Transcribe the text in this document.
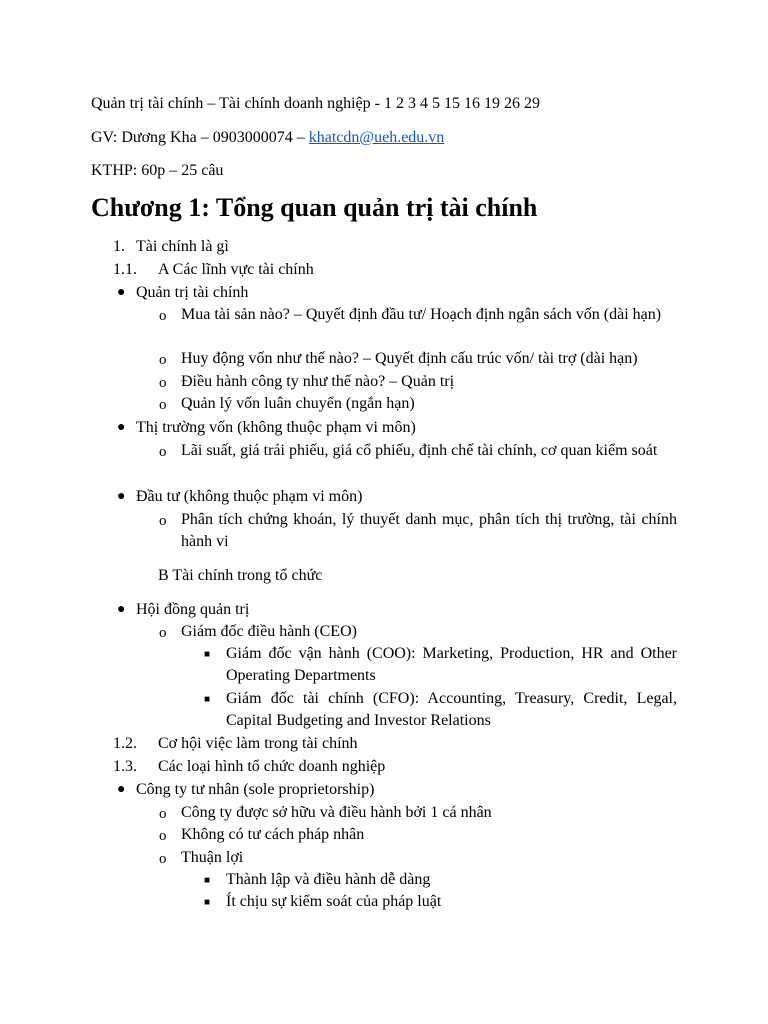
Quản trị tài chính – Tài chính doanh nghiệp - 1 2 3 4 5 15 16 19 26 29
GV: Dương Kha – 0903000074 – khatcdn@ueh.edu.vn
KTHP: 60p – 25 câu
Chương 1: Tổng quan quản trị tài chính
1. Tài chính là gì
1.1. A Các lĩnh vực tài chính
● Quản trị tài chính
o Mua tài sản nào? – Quyết định đầu tư/ Hoạch định ngân sách vốn (dài hạn)
o Huy động vốn như thế nào? – Quyết định cấu trúc vốn/ tài trợ (dài hạn)
o Điều hành công ty như thế nào? – Quản trị
o Quản lý vốn luân chuyển (ngắn hạn)
● Thị trường vốn (không thuộc phạm vi môn)
o Lãi suất, giá trái phiếu, giá cổ phiếu, định chế tài chính, cơ quan kiểm soát
● Đầu tư (không thuộc phạm vi môn)
o Phân tích chứng khoán, lý thuyết danh mục, phân tích thị trường, tài chính hành vi
B Tài chính trong tổ chức
● Hội đồng quản trị
o Giám đốc điều hành (CEO)
■ Giám đốc vận hành (COO): Marketing, Production, HR and Other Operating Departments
■ Giám đốc tài chính (CFO): Accounting, Treasury, Credit, Legal, Capital Budgeting and Investor Relations
1.2. Cơ hội việc làm trong tài chính
1.3. Các loại hình tổ chức doanh nghiệp
● Công ty tư nhân (sole proprietorship)
o Công ty được sở hữu và điều hành bởi 1 cá nhân
o Không có tư cách pháp nhân
o Thuận lợi
■ Thành lập và điều hành dễ dàng
■ Ít chịu sự kiểm soát của pháp luật
